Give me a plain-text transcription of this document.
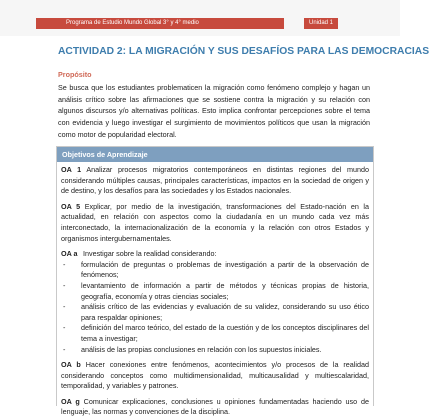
Programa de Estudio Mundo Global 3° y 4° medio	Unidad 1
ACTIVIDAD 2: LA MIGRACIÓN Y SUS DESAFÍOS PARA LAS DEMOCRACIAS
Propósito

Se busca que los estudiantes problematicen la migración como fenómeno complejo y hagan un análisis crítico sobre las afirmaciones que se sostiene contra la migración y su relación con algunos discursos y/o alternativas políticas. Esto implica confrontar percepciones sobre el tema con evidencia y luego investigar el surgimiento de movimientos políticos que usan la migración como motor de popularidad electoral.

Objetivos de Aprendizaje

OA 1 Analizar procesos migratorios contemporáneos en distintas regiones del mundo considerando múltiples causas, principales características, impactos en la sociedad de origen y de destino, y los desafíos para las sociedades y los Estados nacionales.

OA 5 Explicar, por medio de la investigación, transformaciones del Estado-nación en la actualidad, en relación con aspectos como la ciudadanía en un mundo cada vez más interconectado, la internacionalización de la economía y la relación con otros Estados y organismos intergubernamentales.

OA a Investigar sobre la realidad considerando:

- formulación de preguntas o problemas de investigación a partir de la observación de fenómenos;
- levantamiento de información a partir de métodos y técnicas propias de historia, geografía, economía y otras ciencias sociales;
- análisis crítico de las evidencias y evaluación de su validez, considerando su uso ético para respaldar opiniones;
- definición del marco teórico, del estado de la cuestión y de los conceptos disciplinares del tema a investigar;
- análisis de las propias conclusiones en relación con los supuestos iniciales.

OA b Hacer conexiones entre fenómenos, acontecimientos y/o procesos de la realidad considerando conceptos como multidimensionalidad, multicausalidad y multiescalaridad, temporalidad, y variables y patrones.

OA g Comunicar explicaciones, conclusiones u opiniones fundamentadas haciendo uso de lenguaje, las normas y convenciones de la disciplina.
